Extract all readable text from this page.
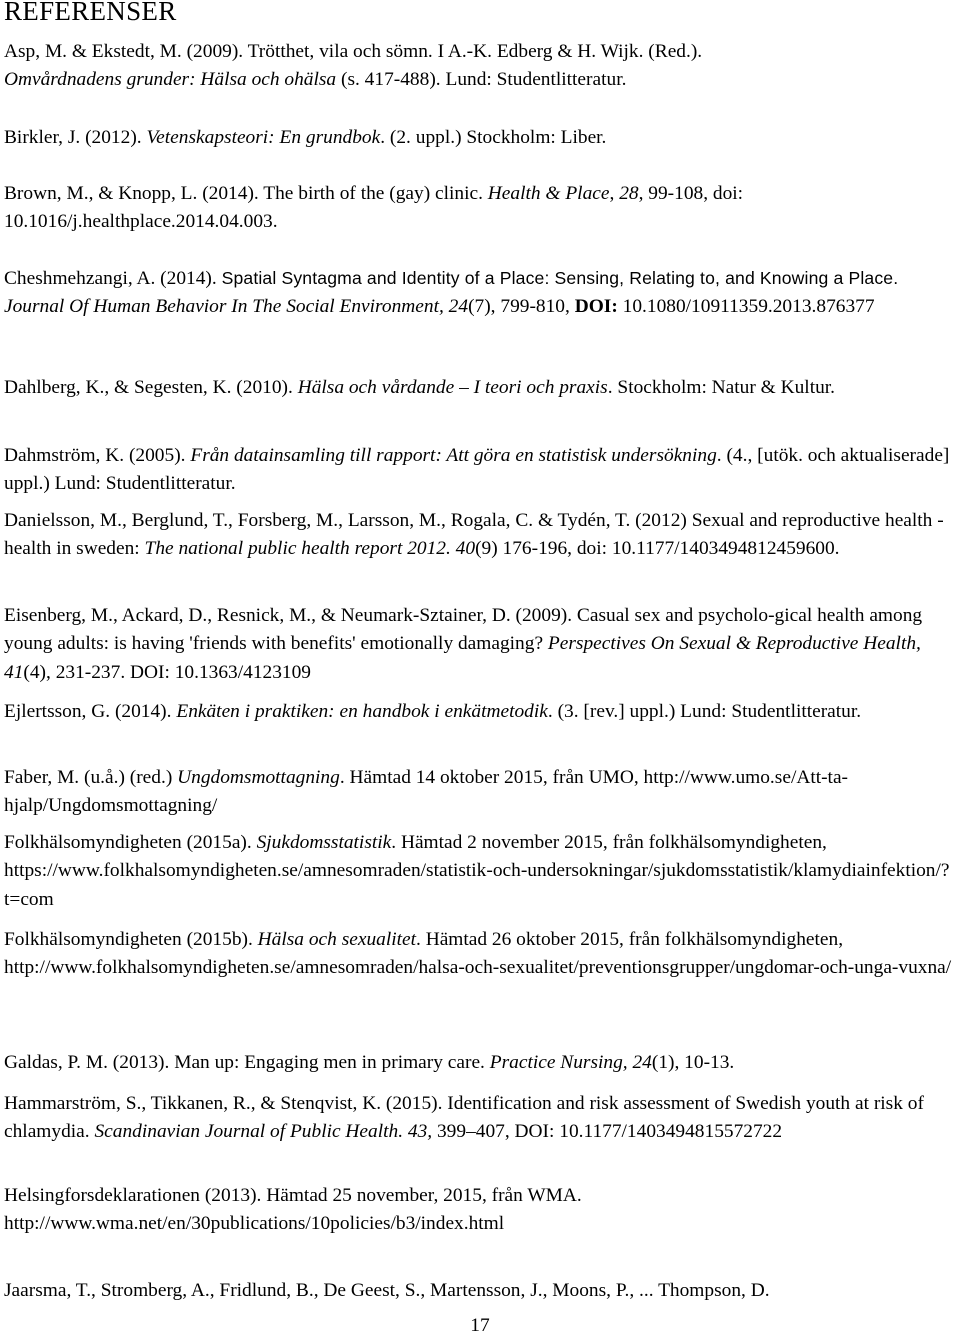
REFERENSER
Asp, M. & Ekstedt, M. (2009). Trötthet, vila och sömn. I A.-K. Edberg & H. Wijk. (Red.).
Omvårdnadens grunder: Hälsa och ohälsa (s. 417-488). Lund: Studentlitteratur.
Birkler, J. (2012). Vetenskapsteori: En grundbok. (2. uppl.) Stockholm: Liber.
Brown, M., & Knopp, L. (2014). The birth of the (gay) clinic. Health & Place, 28, 99-108, doi: 10.1016/j.healthplace.2014.04.003.
Cheshmehzangi, A. (2014). Spatial Syntagma and Identity of a Place: Sensing, Relating to, and Knowing a Place. Journal Of Human Behavior In The Social Environment, 24(7), 799-810, DOI: 10.1080/10911359.2013.876377
Dahlberg, K., & Segesten, K. (2010). Hälsa och vårdande – I teori och praxis. Stockholm: Natur & Kultur.
Dahmström, K. (2005). Från datainsamling till rapport: Att göra en statistisk undersökning. (4., [utök. och aktualiserade] uppl.) Lund: Studentlitteratur.
Danielsson, M., Berglund, T., Forsberg, M., Larsson, M., Rogala, C. & Tydén, T. (2012) Sexual and reproductive health - health in sweden: The national public health report 2012. 40(9) 176-196, doi: 10.1177/1403494812459600.
Eisenberg, M., Ackard, D., Resnick, M., & Neumark-Sztainer, D. (2009). Casual sex and psycholo-gical health among young adults: is having 'friends with benefits' emotionally damaging? Perspectives On Sexual & Reproductive Health, 41(4), 231-237. DOI: 10.1363/4123109
Ejlertsson, G. (2014). Enkäten i praktiken: en handbok i enkätmetodik. (3. [rev.] uppl.) Lund: Studentlitteratur.
Faber, M. (u.å.) (red.) Ungdomsmottagning. Hämtad 14 oktober 2015, från UMO, http://www.umo.se/Att-ta-hjalp/Ungdomsmottagning/
Folkhälsomyndigheten (2015a). Sjukdomsstatistik. Hämtad 2 november 2015, från folkhälsomyndigheten, https://www.folkhalsomyndigheten.se/amnesomraden/statistik-och-undersokningar/sjukdomsstatistik/klamydiainfektion/?t=com
Folkhälsomyndigheten (2015b). Hälsa och sexualitet. Hämtad 26 oktober 2015, från folkhälsomyndigheten, http://www.folkhalsomyndigheten.se/amnesomraden/halsa-och-sexualitet/preventionsgrupper/ungdomar-och-unga-vuxna/
Galdas, P. M. (2013). Man up: Engaging men in primary care. Practice Nursing, 24(1), 10-13.
Hammarström, S., Tikkanen, R., & Stenqvist, K. (2015). Identification and risk assessment of Swedish youth at risk of chlamydia. Scandinavian Journal of Public Health. 43, 399–407, DOI: 10.1177/1403494815572722
Helsingforsdeklarationen (2013). Hämtad 25 november, 2015, från WMA. http://www.wma.net/en/30publications/10policies/b3/index.html
Jaarsma, T., Stromberg, A., Fridlund, B., De Geest, S., Martensson, J., Moons, P., ... Thompson, D.
17
